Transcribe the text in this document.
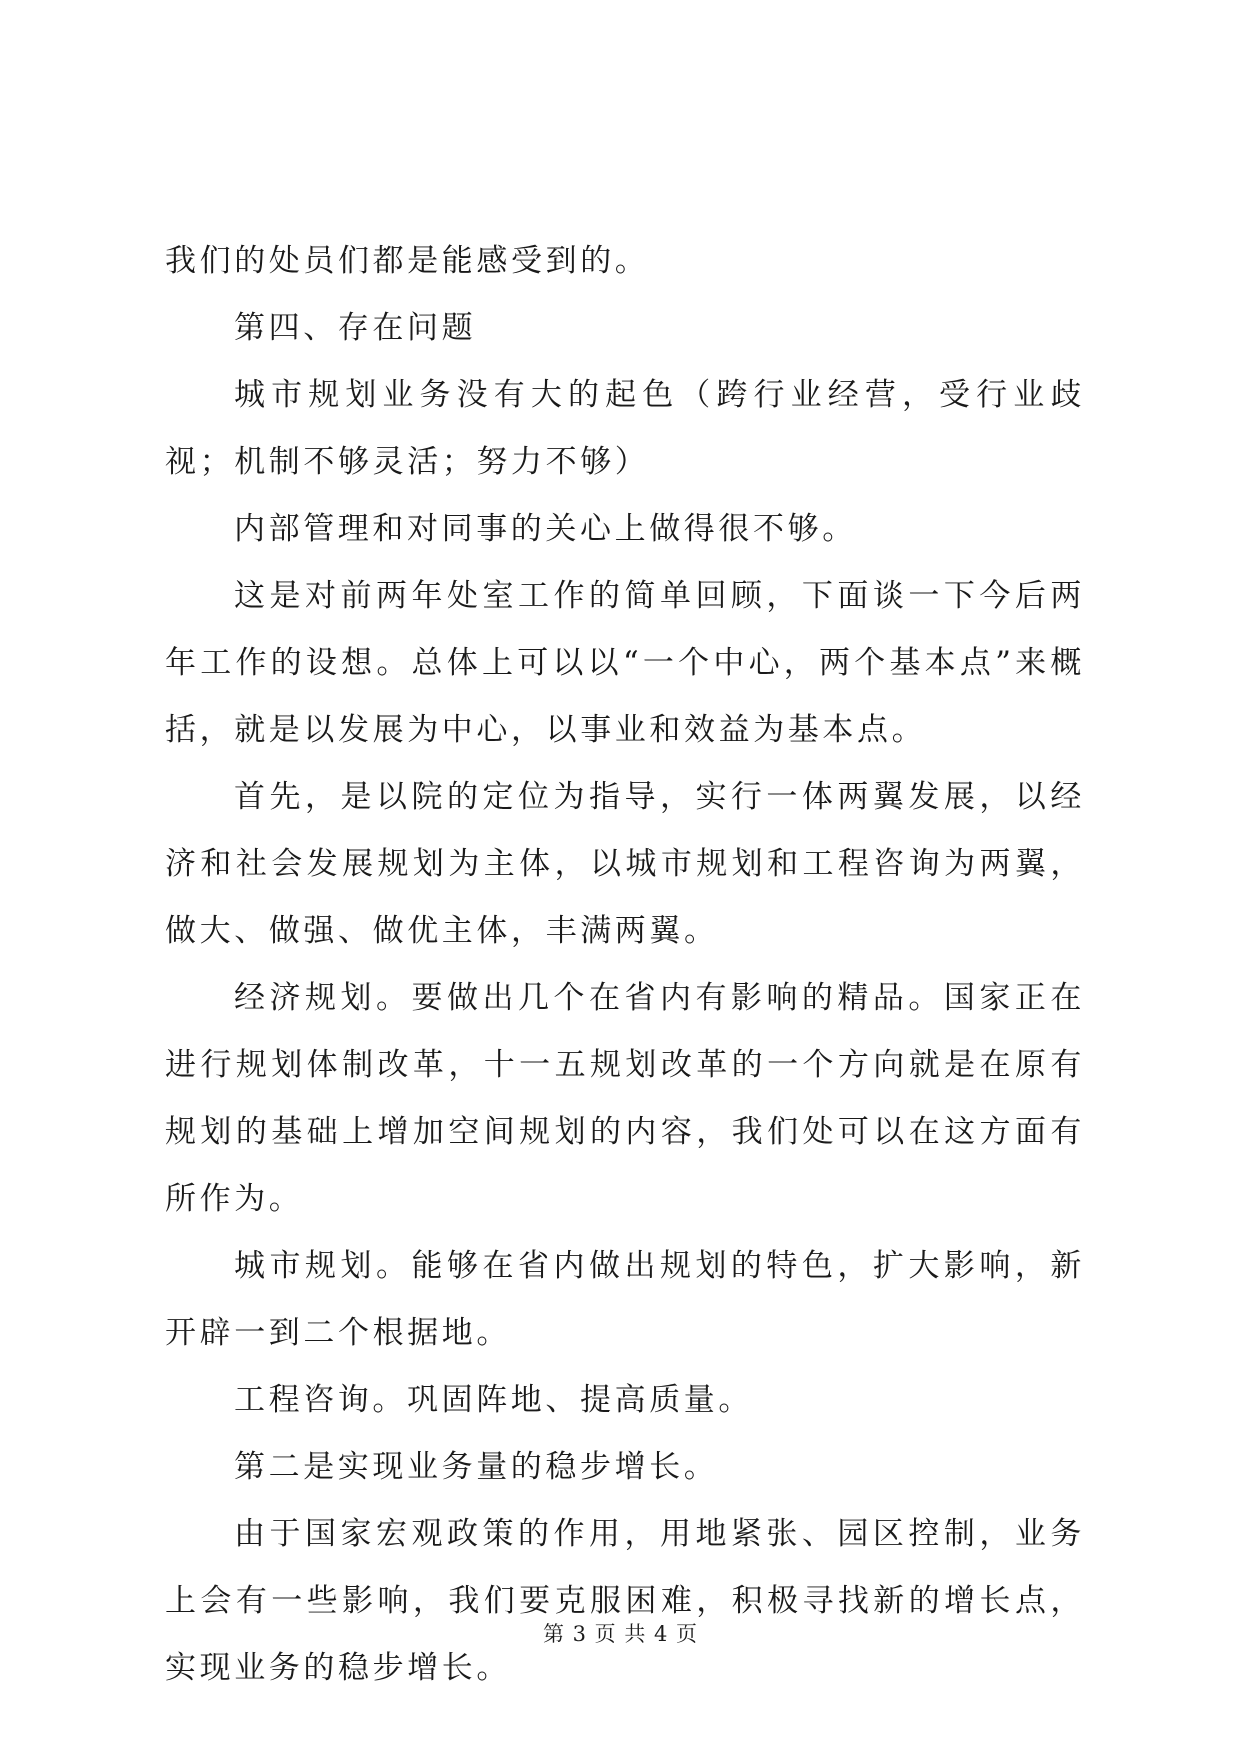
我们的处员们都是能感受到的。

第四、存在问题

城市规划业务没有大的起色（跨行业经营，受行业歧视；机制不够灵活；努力不够）

内部管理和对同事的关心上做得很不够。

这是对前两年处室工作的简单回顾，下面谈一下今后两年工作的设想。总体上可以以“一个中心，两个基本点”来概括，就是以发展为中心，以事业和效益为基本点。

首先，是以院的定位为指导，实行一体两翼发展，以经济和社会发展规划为主体，以城市规划和工程咨询为两翼，做大、做强、做优主体，丰满两翼。

经济规划。要做出几个在省内有影响的精品。国家正在进行规划体制改革，十一五规划改革的一个方向就是在原有规划的基础上增加空间规划的内容，我们处可以在这方面有所作为。

城市规划。能够在省内做出规划的特色，扩大影响，新开辟一到二个根据地。

工程咨询。巩固阵地、提高质量。

第二是实现业务量的稳步增长。

由于国家宏观政策的作用，用地紧张、园区控制，业务上会有一些影响，我们要克服困难，积极寻找新的增长点，实现业务的稳步增长。

第 3 页 共 4 页
